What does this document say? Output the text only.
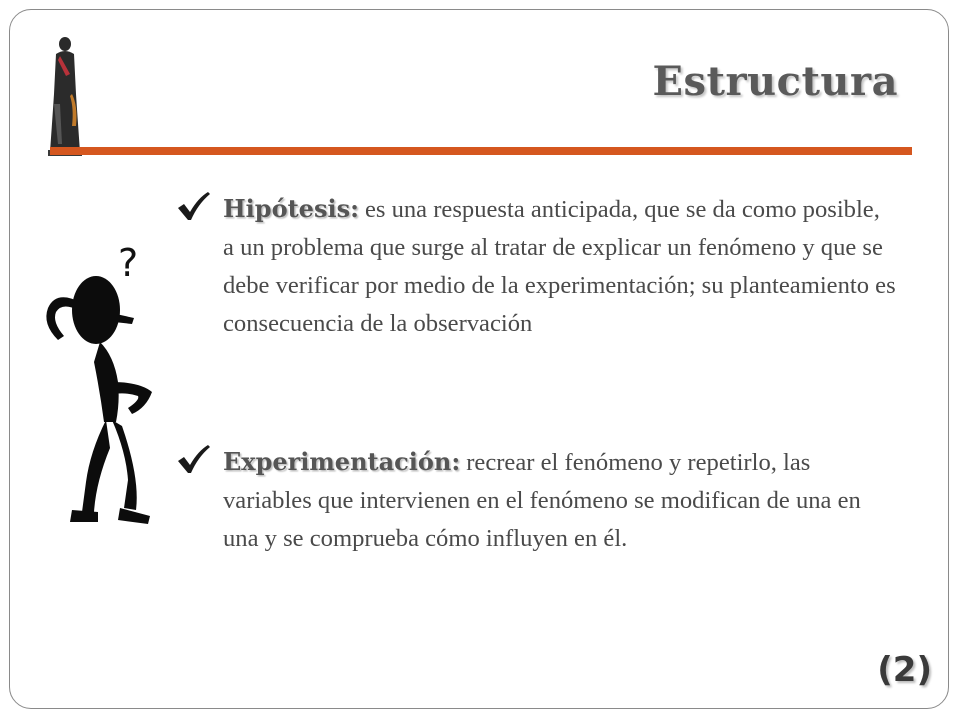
Estructura
?

Hipótesis: es una respuesta anticipada, que se da como posible, a un problema que surge al tratar de explicar un fenómeno y que se debe verificar por medio de la experimentación; su planteamiento es consecuencia de la observación

Experimentación: recrear el fenómeno y repetirlo, las variables que intervienen en el fenómeno se modifican de una en una y se comprueba cómo influyen en él.

(2)
